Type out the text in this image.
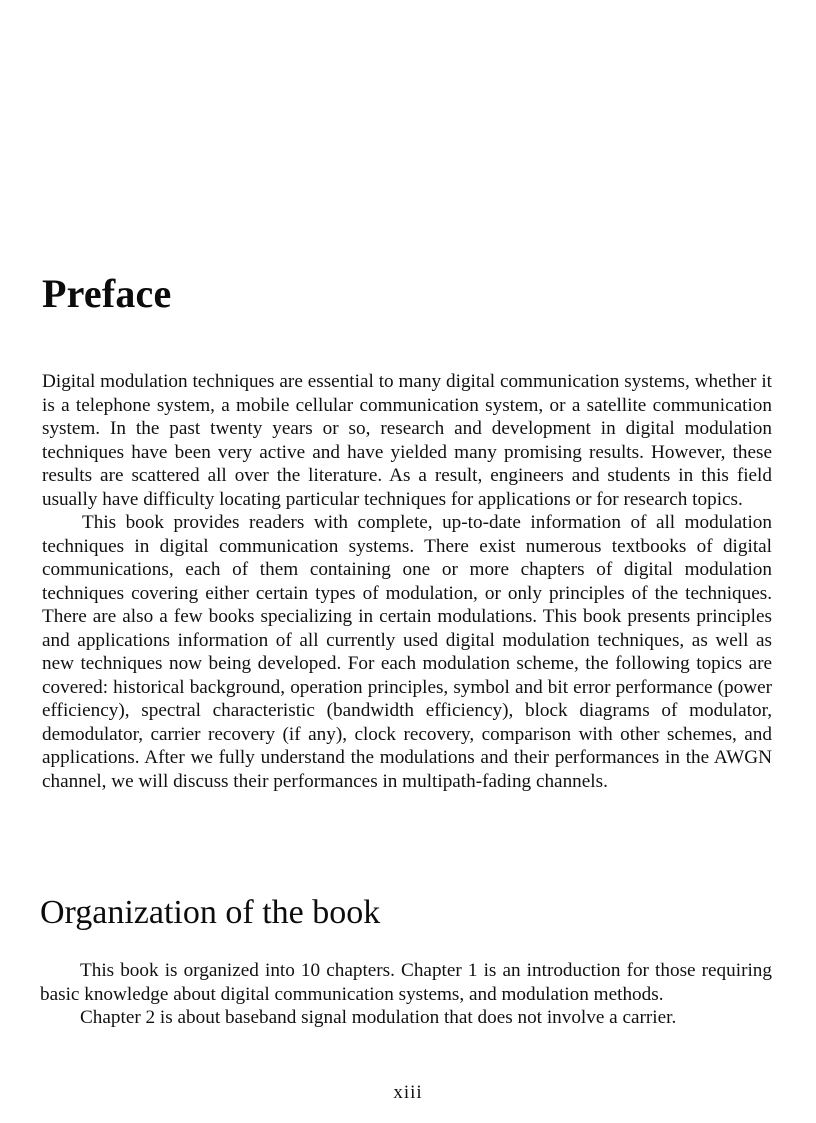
Preface

Digital modulation techniques are essential to many digital communication systems, whether it is a telephone system, a mobile cellular communication system, or a satellite communication system. In the past twenty years or so, research and development in digital modulation techniques have been very active and have yielded many promising results. However, these results are scattered all over the literature. As a result, engineers and students in this field usually have difficulty locating particular techniques for applications or for research topics.

This book provides readers with complete, up-to-date information of all modulation techniques in digital communication systems. There exist numerous textbooks of digital communications, each of them containing one or more chapters of digital modulation techniques covering either certain types of modulation, or only principles of the techniques. There are also a few books specializing in certain modulations. This book presents principles and applications information of all currently used digital modulation techniques, as well as new techniques now being developed. For each modulation scheme, the following topics are covered: historical background, operation principles, symbol and bit error performance (power efficiency), spectral characteristic (bandwidth efficiency), block diagrams of modulator, demodulator, carrier recovery (if any), clock recovery, comparison with other schemes, and applications. After we fully understand the modulations and their performances in the AWGN channel, we will discuss their performances in multipath-fading channels.

Organization of the book

This book is organized into 10 chapters. Chapter 1 is an introduction for those requiring basic knowledge about digital communication systems, and modulation methods.

Chapter 2 is about baseband signal modulation that does not involve a carrier.

xiii
